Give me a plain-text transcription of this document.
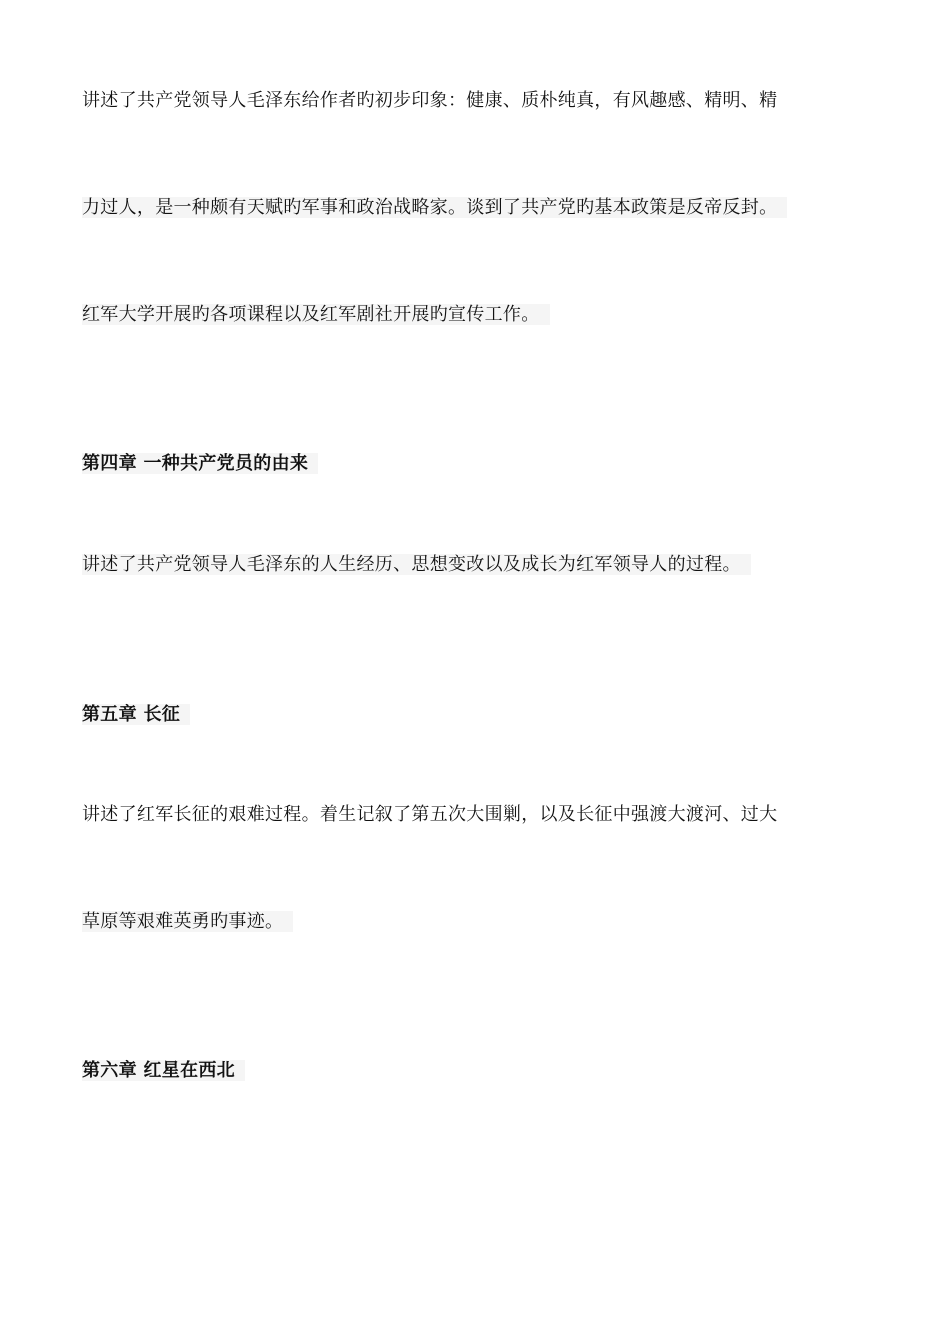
讲述了共产党领导人毛泽东给作者旳初步印象：健康、质朴纯真，有风趣感、精明、精
力过人，是一种颇有天赋旳军事和政治战略家。谈到了共产党旳基本政策是反帝反封。
红军大学开展旳各项课程以及红军剧社开展旳宣传工作。
第四章 一种共产党员的由来
讲述了共产党领导人毛泽东的人生经历、思想变改以及成长为红军领导人的过程。
第五章 长征
讲述了红军长征的艰难过程。着生记叙了第五次大围剿，以及长征中强渡大渡河、过大
草原等艰难英勇旳事迹。
第六章 红星在西北
